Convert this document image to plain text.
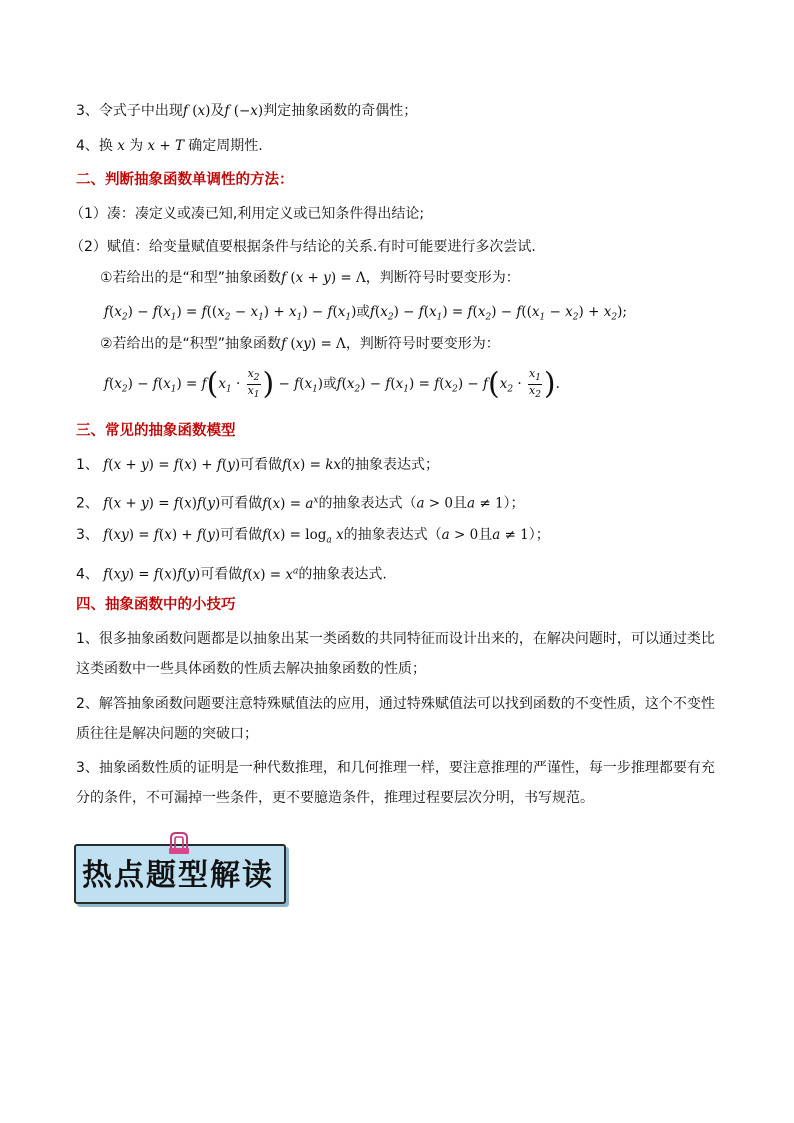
3、令式子中出现f (x)及f (−x)判定抽象函数的奇偶性；
4、换 x 为 x + T 确定周期性.
二、判断抽象函数单调性的方法：
（1）凑：凑定义或凑已知,利用定义或已知条件得出结论;
（2）赋值：给变量赋值要根据条件与结论的关系.有时可能要进行多次尝试.
①若给出的是“和型”抽象函数f (x + y) = Λ，判断符号时要变形为：
$f(x_2) - f(x_1) = f((x_2 - x_1) + x_1) - f(x_1)$或$f(x_2) - f(x_1) = f(x_2) - f((x_1 - x_2) + x_2)$;
②若给出的是“积型”抽象函数f (xy) = Λ，判断符号时要变形为：
$f(x_2) - f(x_1) = f(x_1 \cdot \frac{x_2}{x_1}$ ) − $f(x_1)$或$f(x_2) - f(x_1) = f(x_2) - f(x_2 \cdot \frac{x_1}{x_2}$ ).
三、常见的抽象函数模型
1、 f(x + y) = f(x) + f(y)可看做f(x) = kx的抽象表达式；
2、 f(x + y) = f(x)f(y)可看做$f(x) = a^x$的抽象表达式（a > 0且a ≠ 1）；
3、 f(xy) = f(x) + f(y)可看做$f(x) = \log_a x$的抽象表达式（a > 0且a ≠ 1）；
4、 f(xy) = f(x)f(y)可看做$f(x) = x^a$的抽象表达式.
四、抽象函数中的小技巧
1、很多抽象函数问题都是以抽象出某一类函数的共同特征而设计出来的，在解决问题时，可以通过类比这类函数中一些具体函数的性质去解决抽象函数的性质；
2、解答抽象函数问题要注意特殊赋值法的应用，通过特殊赋值法可以找到函数的不变性质，这个不变性质往往是解决问题的突破口；
3、抽象函数性质的证明是一种代数推理，和几何推理一样，要注意推理的严谨性，每一步推理都要有充分的条件，不可漏掉一些条件，更不要臆造条件，推理过程要层次分明，书写规范。
热点题型解读
